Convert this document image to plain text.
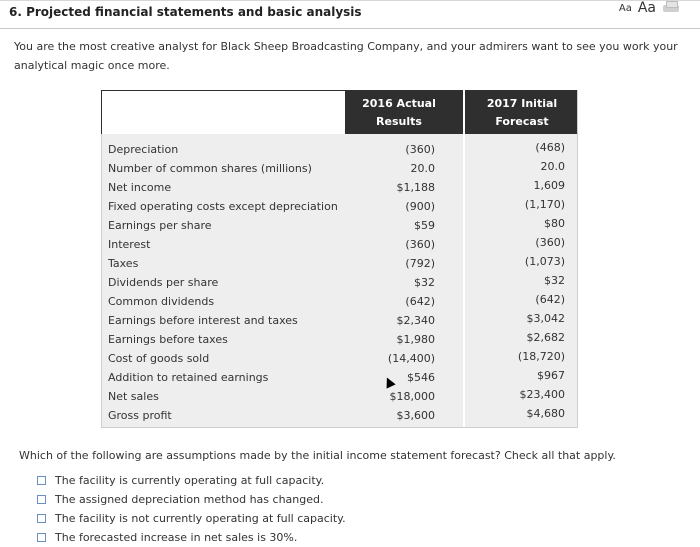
6. Projected financial statements and basic analysis	Aa Aa
You are the most creative analyst for Black Sheep Broadcasting Company, and your admirers want to see you work your analytical magic once more.
2016 Actual
Results
2017 Initial
Forecast
Depreciation
Number of common shares (millions)
Net income
Fixed operating costs except depreciation
Earnings per share
Interest
Taxes
Dividends per share
Common dividends
Earnings before interest and taxes
Earnings before taxes
Cost of goods sold
Addition to retained earnings
Net sales
Gross profit
(360)
20.0
$1,188
(900)
$59
(360)
(792)
$32
(642)
$2,340
$1,980
(14,400)
$546
$18,000
$3,600
(468)
20.0
1,609
(1,170)
$80
(360)
(1,073)
$32
(642)
$3,042
$2,682
(18,720)
$967
$23,400
$4,680
Which of the following are assumptions made by the initial income statement forecast? Check all that apply.
The facility is currently operating at full capacity.
The assigned depreciation method has changed.
The facility is not currently operating at full capacity.
The forecasted increase in net sales is 30%.
